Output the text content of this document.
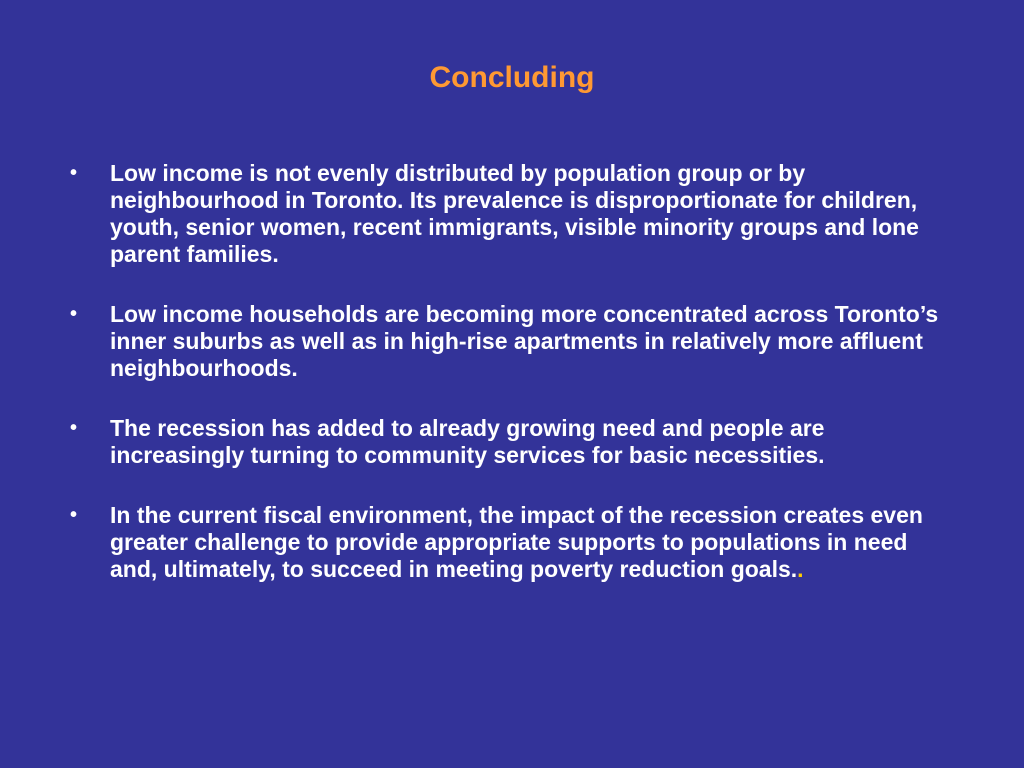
Concluding
• Low income is not evenly distributed by population group or by neighbourhood in Toronto. Its prevalence is disproportionate for children, youth, senior women, recent immigrants, visible minority groups and lone parent families.
• Low income households are becoming more concentrated across Toronto’s inner suburbs as well as in high-rise apartments in relatively more affluent neighbourhoods.
• The recession has added to already growing need and people are increasingly turning to community services for basic necessities.
• In the current fiscal environment, the impact of the recession creates even greater challenge to provide appropriate supports to populations in need and, ultimately, to succeed in meeting poverty reduction goals..
